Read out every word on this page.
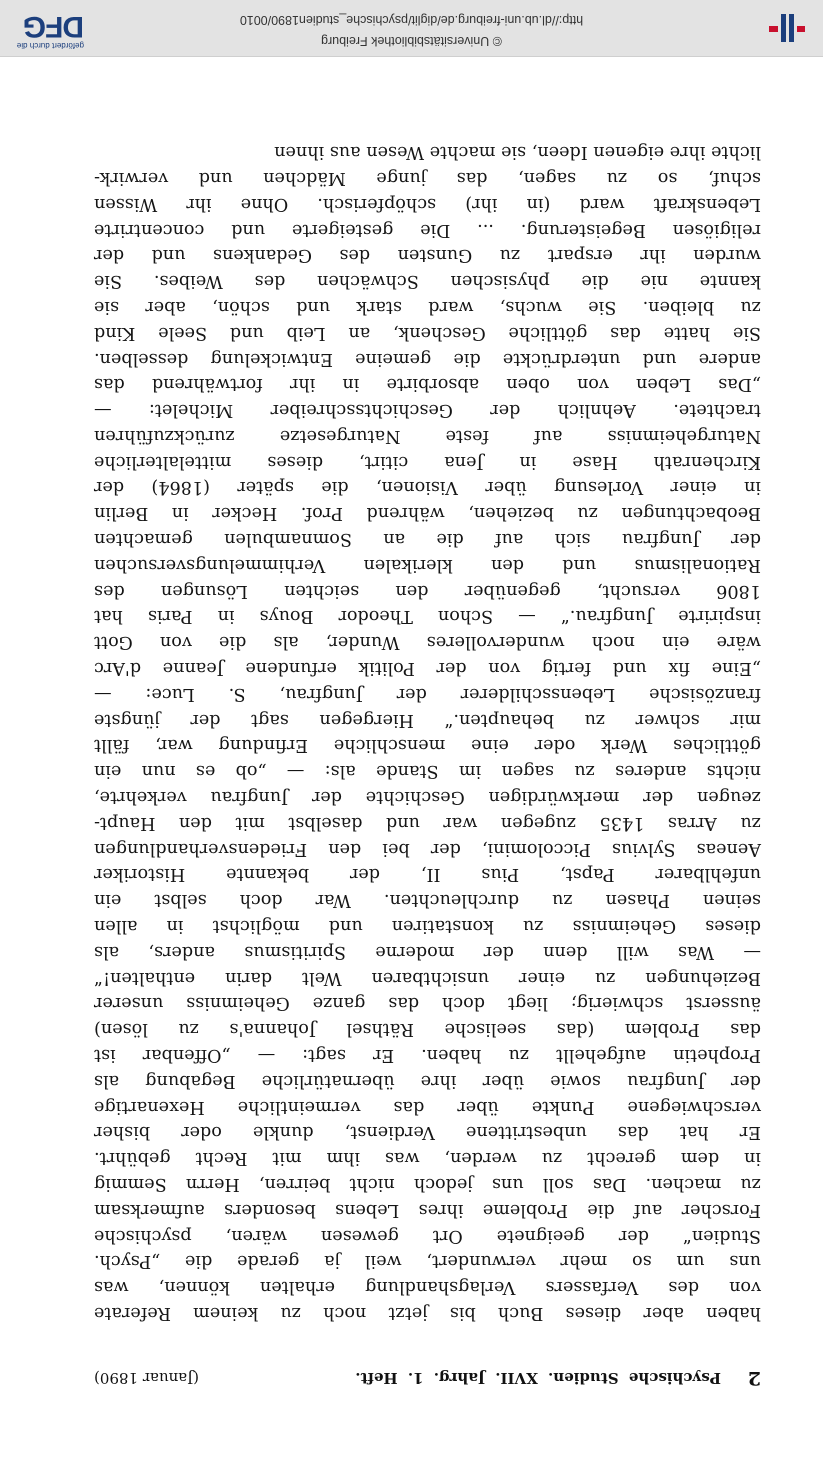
© Universitätsbibliothek Freiburg
http://dl.ub.uni-freiburg.de/diglit/psychische_studien1890/0010
gefördert durch die
DFG
2
Psychische Studien. XVII. Jahrg. 1. Heft.
(Januar 1890)
haben aber dieses Buch bis jetzt noch zu keinem Referate
von des Verfassers Verlagshandlung erhalten können, was
uns um so mehr verwundert, weil ja gerade die „Psych.
Studien“ der geeignete Ort gewesen wären, psychische
Forscher auf die Probleme ihres Lebens besonders aufmerksam
zu machen. Das soll uns jedoch nicht beirren, Herrn Semmig
in dem gerecht zu werden, was ihm mit Recht gebührt.
Er hat das unbestrittene Verdienst, dunkle oder bisher
verschwiegene Punkte über das vermeintliche Hexenartige
der Jungfrau sowie über ihre übernatürliche Begabung als
Prophetin aufgehellt zu haben. Er sagt: — „Offenbar ist
das Problem (das seelische Räthsel Johanna's zu lösen)
äusserst schwierig; liegt doch das ganze Geheimniss unserer
Beziehungen zu einer unsichtbaren Welt darin enthalten!“
— Was will denn der moderne Spiritismus anders, als
dieses Geheimniss zu konstatiren und möglichst in allen
seinen Phasen zu durchleuchten. War doch selbst ein
unfehlbarer Papst, Pius II, der bekannte Historiker
Aeneas Sylvius Piccolomini, der bei den Friedensverhandlungen
zu Arras 1435 zugegen war und daselbst mit den Haupt-
zeugen der merkwürdigen Geschichte der Jungfrau verkehrte,
nichts anderes zu sagen im Stande als: — „ob es nun ein
göttliches Werk oder eine menschliche Erfindung war, fällt
mir schwer zu behaupten.“ Hiergegen sagt der jüngste
französische Lebensschilderer der Jungfrau, S. Luce: —
„Eine fix und fertig von der Politik erfundene Jeanne d'Arc
wäre ein noch wundervolleres Wunder, als die von Gott
inspirirte Jungfrau.“ — Schon Theodor Bouys in Paris hat
1806 versucht, gegenüber den seichten Lösungen des
Rationalismus und den klerikalen Verhimmelungsversuchen
der Jungfrau sich auf die an Somnambulen gemachten
Beobachtungen zu beziehen, während Prof. Hecker in Berlin
in einer Vorlesung über Visionen, die später (1864) der
Kirchenrath Hase in Jena citirt, dieses mittelalterliche
Naturgeheimniss auf feste Naturgesetze zurückzuführen
trachtete. Aehnlich der Geschichtsschreiber Michelet: —
„Das Leben von oben absorbirte in ihr fortwährend das
andere und unterdrückte die gemeine Entwickelung desselben.
Sie hatte das göttliche Geschenk, an Leib und Seele Kind
zu bleiben. Sie wuchs, ward stark und schön, aber sie
kannte nie die physischen Schwächen des Weibes. Sie
wurden ihr erspart zu Gunsten des Gedankens und der
religiösen Begeisterung. ... Die gesteigerte und concentrirte
Lebenskraft ward (in ihr) schöpferisch. Ohne ihr Wissen
schuf, so zu sagen, das junge Mädchen und verwirk-
lichte ihre eigenen Ideen, sie machte Wesen aus ihnen
